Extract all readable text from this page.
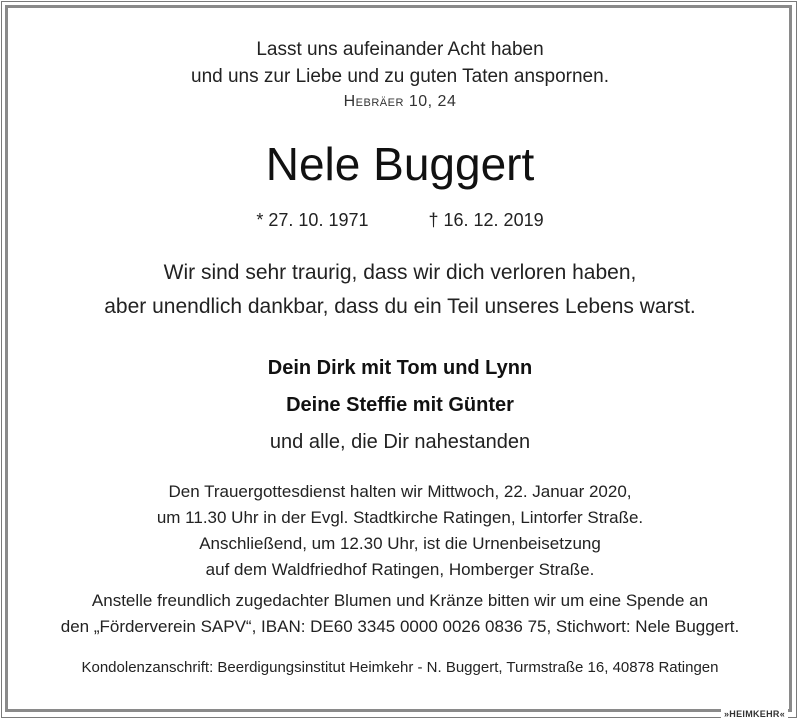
Lasst uns aufeinander Acht haben
und uns zur Liebe und zu guten Taten anspornen.
Hebräer 10, 24
Nele Buggert
* 27. 10. 1971	† 16. 12. 2019
Wir sind sehr traurig, dass wir dich verloren haben,
aber unendlich dankbar, dass du ein Teil unseres Lebens warst.
Dein Dirk mit Tom und Lynn
Deine Steffie mit Günter
und alle, die Dir nahestanden
Den Trauergottesdienst halten wir Mittwoch, 22. Januar 2020,
um 11.30 Uhr in der Evgl. Stadtkirche Ratingen, Lintorfer Straße.
Anschließend, um 12.30 Uhr, ist die Urnenbeisetzung
auf dem Waldfriedhof Ratingen, Homberger Straße.
Anstelle freundlich zugedachter Blumen und Kränze bitten wir um eine Spende an
den „Förderverein SAPV“, IBAN: DE60 3345 0000 0026 0836 75, Stichwort: Nele Buggert.
Kondolenzanschrift: Beerdigungsinstitut Heimkehr - N. Buggert, Turmstraße 16, 40878 Ratingen
»HEIMKEHR«
